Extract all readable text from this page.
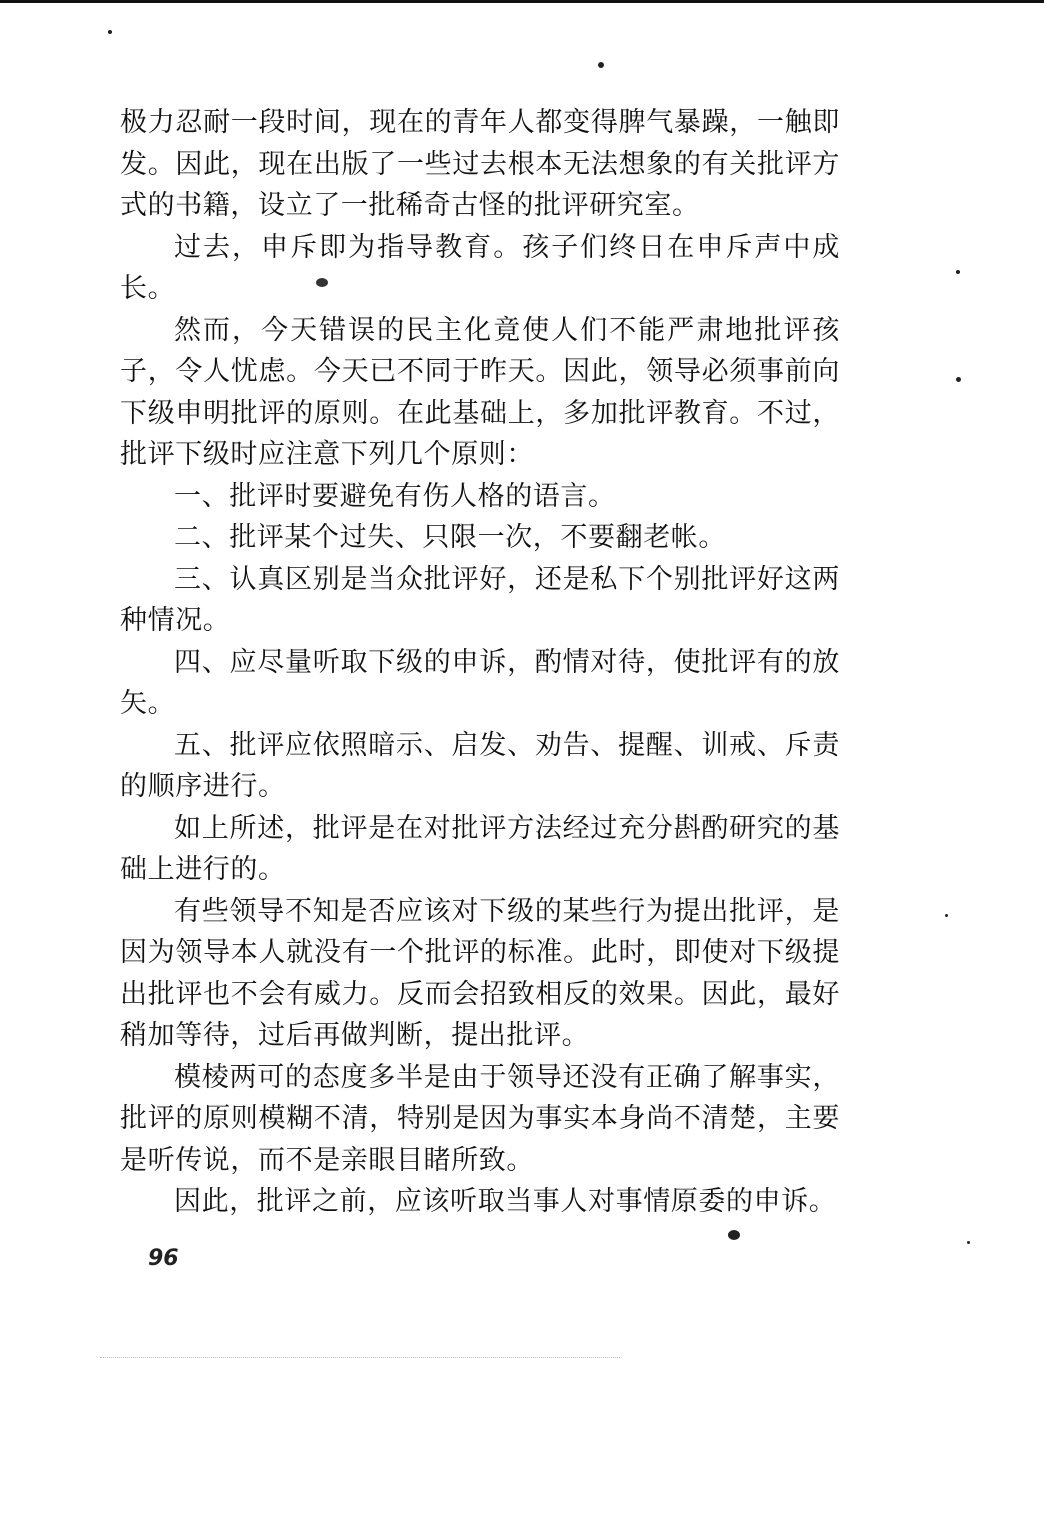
极力忍耐一段时间，现在的青年人都变得脾气暴躁，一触即发。因此，现在出版了一些过去根本无法想象的有关批评方式的书籍，设立了一批稀奇古怪的批评研究室。

过去，申斥即为指导教育。孩子们终日在申斥声中成长。

然而，今天错误的民主化竟使人们不能严肃地批评孩子，令人忧虑。今天已不同于昨天。因此，领导必须事前向下级申明批评的原则。在此基础上，多加批评教育。不过，批评下级时应注意下列几个原则：

一、批评时要避免有伤人格的语言。

二、批评某个过失、只限一次，不要翻老帐。

三、认真区别是当众批评好，还是私下个别批评好这两种情况。

四、应尽量听取下级的申诉，酌情对待，使批评有的放矢。

五、批评应依照暗示、启发、劝告、提醒、训戒、斥责的顺序进行。

如上所述，批评是在对批评方法经过充分斟酌研究的基础上进行的。

有些领导不知是否应该对下级的某些行为提出批评，是因为领导本人就没有一个批评的标准。此时，即使对下级提出批评也不会有威力。反而会招致相反的效果。因此，最好稍加等待，过后再做判断，提出批评。

模棱两可的态度多半是由于领导还没有正确了解事实，批评的原则模糊不清，特别是因为事实本身尚不清楚，主要是听传说，而不是亲眼目睹所致。

因此，批评之前，应该听取当事人对事情原委的申诉。

96
